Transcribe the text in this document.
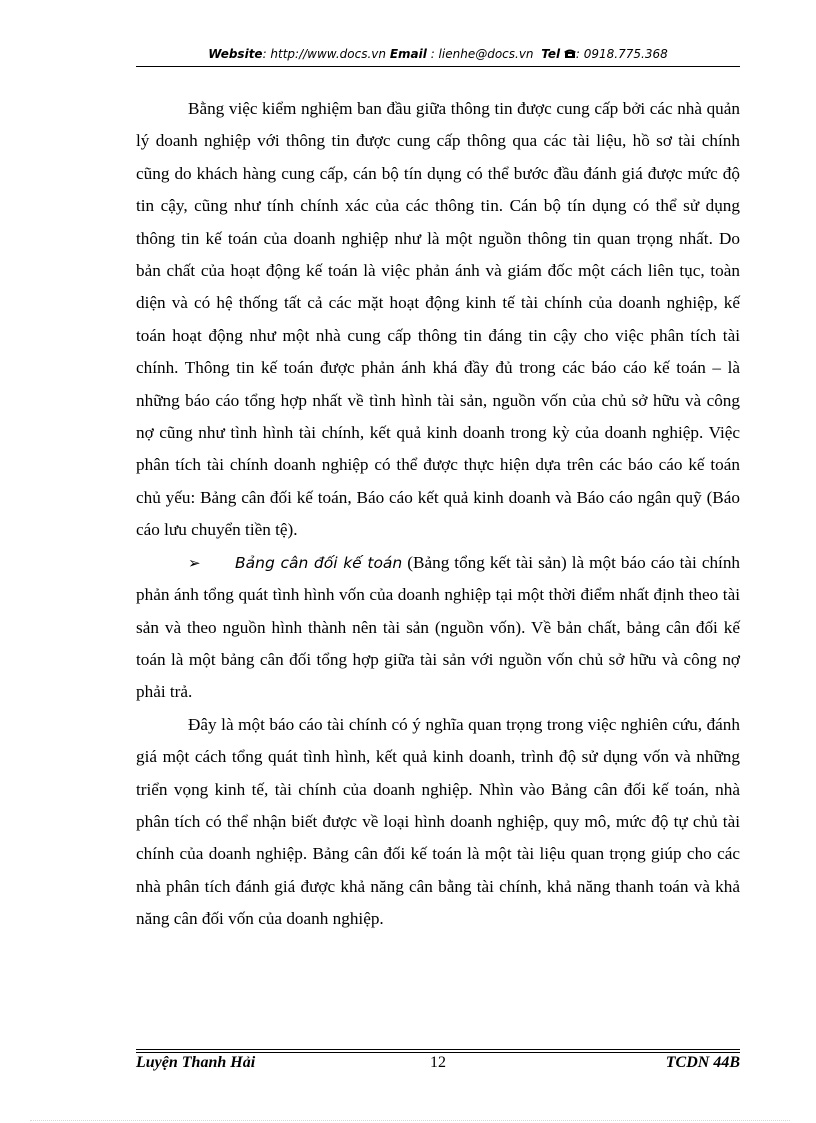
Website: http://www.docs.vn Email : lienhe@docs.vn Tel : 0918.775.368

Bằng việc kiểm nghiệm ban đầu giữa thông tin được cung cấp bởi các nhà quản lý doanh nghiệp với thông tin được cung cấp thông qua các tài liệu, hồ sơ tài chính cũng do khách hàng cung cấp, cán bộ tín dụng có thể bước đầu đánh giá được mức độ tin cậy, cũng như tính chính xác của các thông tin. Cán bộ tín dụng có thể sử dụng thông tin kế toán của doanh nghiệp như là một nguồn thông tin quan trọng nhất. Do bản chất của hoạt động kế toán là việc phản ánh và giám đốc một cách liên tục, toàn diện và có hệ thống tất cả các mặt hoạt động kinh tế tài chính của doanh nghiệp, kế toán hoạt động như một nhà cung cấp thông tin đáng tin cậy cho việc phân tích tài chính. Thông tin kế toán được phản ánh khá đầy đủ trong các báo cáo kế toán – là những báo cáo tổng hợp nhất về tình hình tài sản, nguồn vốn của chủ sở hữu và công nợ cũng như tình hình tài chính, kết quả kinh doanh trong kỳ của doanh nghiệp. Việc phân tích tài chính doanh nghiệp có thể được thực hiện dựa trên các báo cáo kế toán chủ yếu: Bảng cân đối kế toán, Báo cáo kết quả kinh doanh và Báo cáo ngân quỹ (Báo cáo lưu chuyển tiền tệ).

➢ Bảng cân đối kế toán (Bảng tổng kết tài sản) là một báo cáo tài chính phản ánh tổng quát tình hình vốn của doanh nghiệp tại một thời điểm nhất định theo tài sản và theo nguồn hình thành nên tài sản (nguồn vốn). Về bản chất, bảng cân đối kế toán là một bảng cân đối tổng hợp giữa tài sản với nguồn vốn chủ sở hữu và công nợ phải trả.

Đây là một báo cáo tài chính có ý nghĩa quan trọng trong việc nghiên cứu, đánh giá một cách tổng quát tình hình, kết quả kinh doanh, trình độ sử dụng vốn và những triển vọng kinh tế, tài chính của doanh nghiệp. Nhìn vào Bảng cân đối kế toán, nhà phân tích có thể nhận biết được về loại hình doanh nghiệp, quy mô, mức độ tự chủ tài chính của doanh nghiệp. Bảng cân đối kế toán là một tài liệu quan trọng giúp cho các nhà phân tích đánh giá được khả năng cân bằng tài chính, khả năng thanh toán và khả năng cân đối vốn của doanh nghiệp.

Luyện Thanh Hải	12	TCDN 44B
